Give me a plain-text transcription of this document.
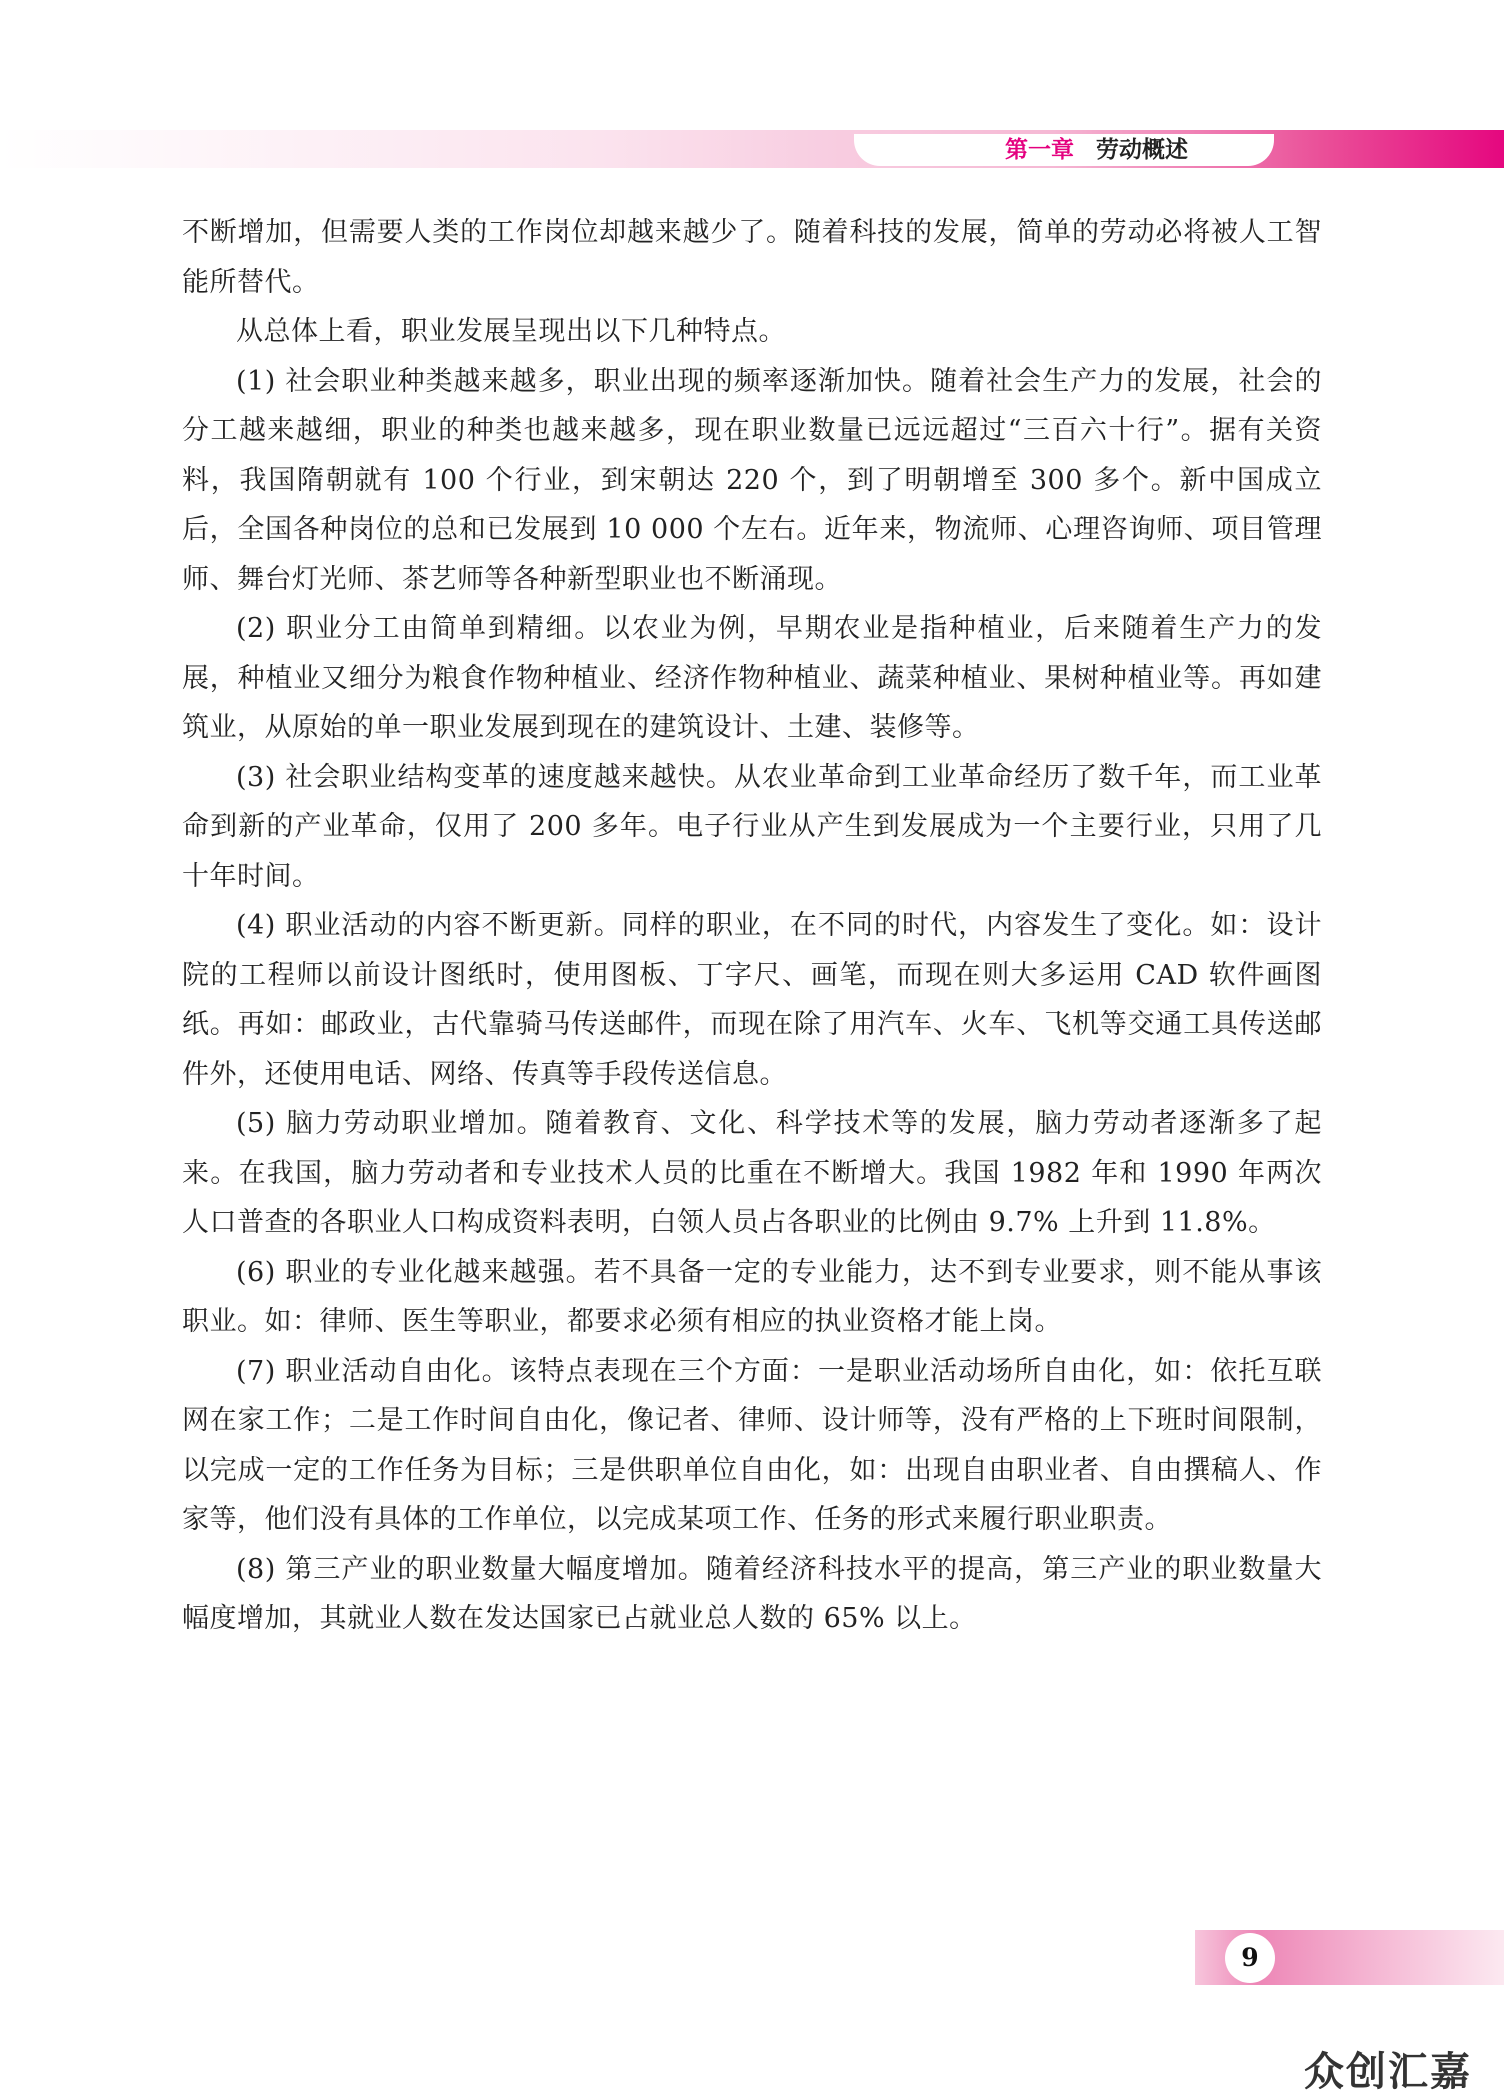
第一章 劳动概述

不断增加，但需要人类的工作岗位却越来越少了。随着科技的发展，简单的劳动必将被人工智能所替代。

从总体上看，职业发展呈现出以下几种特点。

(1) 社会职业种类越来越多，职业出现的频率逐渐加快。随着社会生产力的发展，社会的分工越来越细，职业的种类也越来越多，现在职业数量已远远超过“三百六十行”。据有关资料，我国隋朝就有 100 个行业，到宋朝达 220 个，到了明朝增至 300 多个。新中国成立后，全国各种岗位的总和已发展到 10 000 个左右。近年来，物流师、心理咨询师、项目管理师、舞台灯光师、茶艺师等各种新型职业也不断涌现。

(2) 职业分工由简单到精细。以农业为例，早期农业是指种植业，后来随着生产力的发展，种植业又细分为粮食作物种植业、经济作物种植业、蔬菜种植业、果树种植业等。再如建筑业，从原始的单一职业发展到现在的建筑设计、土建、装修等。

(3) 社会职业结构变革的速度越来越快。从农业革命到工业革命经历了数千年，而工业革命到新的产业革命，仅用了 200 多年。电子行业从产生到发展成为一个主要行业，只用了几十年时间。

(4) 职业活动的内容不断更新。同样的职业，在不同的时代，内容发生了变化。如：设计院的工程师以前设计图纸时，使用图板、丁字尺、画笔，而现在则大多运用 CAD 软件画图纸。再如：邮政业，古代靠骑马传送邮件，而现在除了用汽车、火车、飞机等交通工具传送邮件外，还使用电话、网络、传真等手段传送信息。

(5) 脑力劳动职业增加。随着教育、文化、科学技术等的发展，脑力劳动者逐渐多了起来。在我国，脑力劳动者和专业技术人员的比重在不断增大。我国 1982 年和 1990 年两次人口普查的各职业人口构成资料表明，白领人员占各职业的比例由 9.7% 上升到 11.8%。

(6) 职业的专业化越来越强。若不具备一定的专业能力，达不到专业要求，则不能从事该职业。如：律师、医生等职业，都要求必须有相应的执业资格才能上岗。

(7) 职业活动自由化。该特点表现在三个方面：一是职业活动场所自由化，如：依托互联网在家工作；二是工作时间自由化，像记者、律师、设计师等，没有严格的上下班时间限制，以完成一定的工作任务为目标；三是供职单位自由化，如：出现自由职业者、自由撰稿人、作家等，他们没有具体的工作单位，以完成某项工作、任务的形式来履行职业职责。

(8) 第三产业的职业数量大幅度增加。随着经济科技水平的提高，第三产业的职业数量大幅度增加，其就业人数在发达国家已占就业总人数的 65% 以上。

9
众创汇嘉
